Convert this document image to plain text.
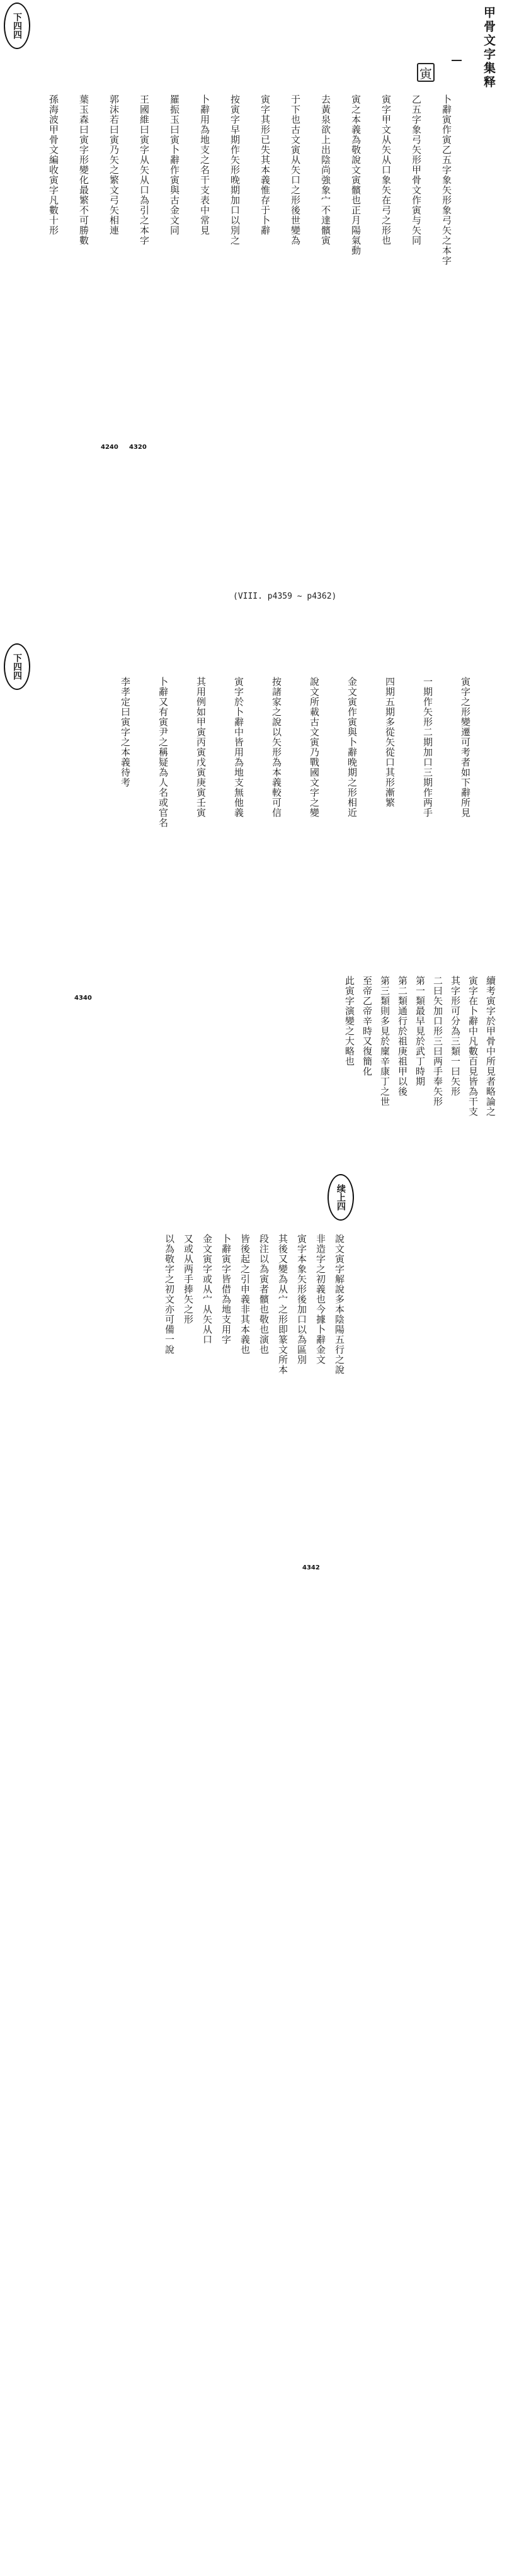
甲骨文字集释
下四四
下四四
续上四
寅
卜辭寅作寅乙五字象矢形象弓矢之本字
乙五字象弓矢形甲骨文作寅与矢同
寅字甲文从矢从口象矢在弓之形也
寅之本義為敬說文寅髕也正月陽氣動
去黃泉欲上出陰尚強象宀不達髕寅
于下也古文寅从矢口之形後世變為
寅字其形已失其本義惟存于卜辭
按寅字早期作矢形晚期加口以別之
卜辭用為地支之名干支表中常見
羅振玉曰寅卜辭作寅與古金文同
王國維曰寅字从矢从口為引之本字
郭沫若曰寅乃矢之繁文弓矢相連
葉玉森曰寅字形變化最繁不可勝數
孫海波甲骨文編收寅字凡數十形
4240 4320
(VIII. p4359 ~ p4362)
寅字之形變遷可考者如下辭所見
一期作矢形二期加口三期作两手
四期五期多從矢從口其形漸繁
金文寅作寅與卜辭晚期之形相近
說文所載古文寅乃戰國文字之變
按諸家之說以矢形為本義較可信
寅字於卜辭中皆用為地支無他義
其用例如甲寅丙寅戊寅庚寅壬寅
卜辭又有寅尹之稱疑為人名或官名
李孝定曰寅字之本義待考
4340
說文寅字解說多本陰陽五行之說
非造字之初義也今據卜辭金文
寅字本象矢形後加口以為區別
其後又變為从宀之形即篆文所本
段注以為寅者髕也敬也演也
皆後起之引申義非其本義也
卜辭寅字皆借為地支用字
金文寅字或从宀从矢从口
又或从两手捧矢之形
以為敬字之初文亦可備一說
4342
續考寅字於甲骨中所見者略論之
寅字在卜辭中凡數百見皆為干支
其字形可分為三類一曰矢形
二曰矢加口形三曰两手奉矢形
第一類最早見於武丁時期
第二類通行於祖庚祖甲以後
第三類則多見於廩辛康丁之世
至帝乙帝辛時又復簡化
此寅字演變之大略也
